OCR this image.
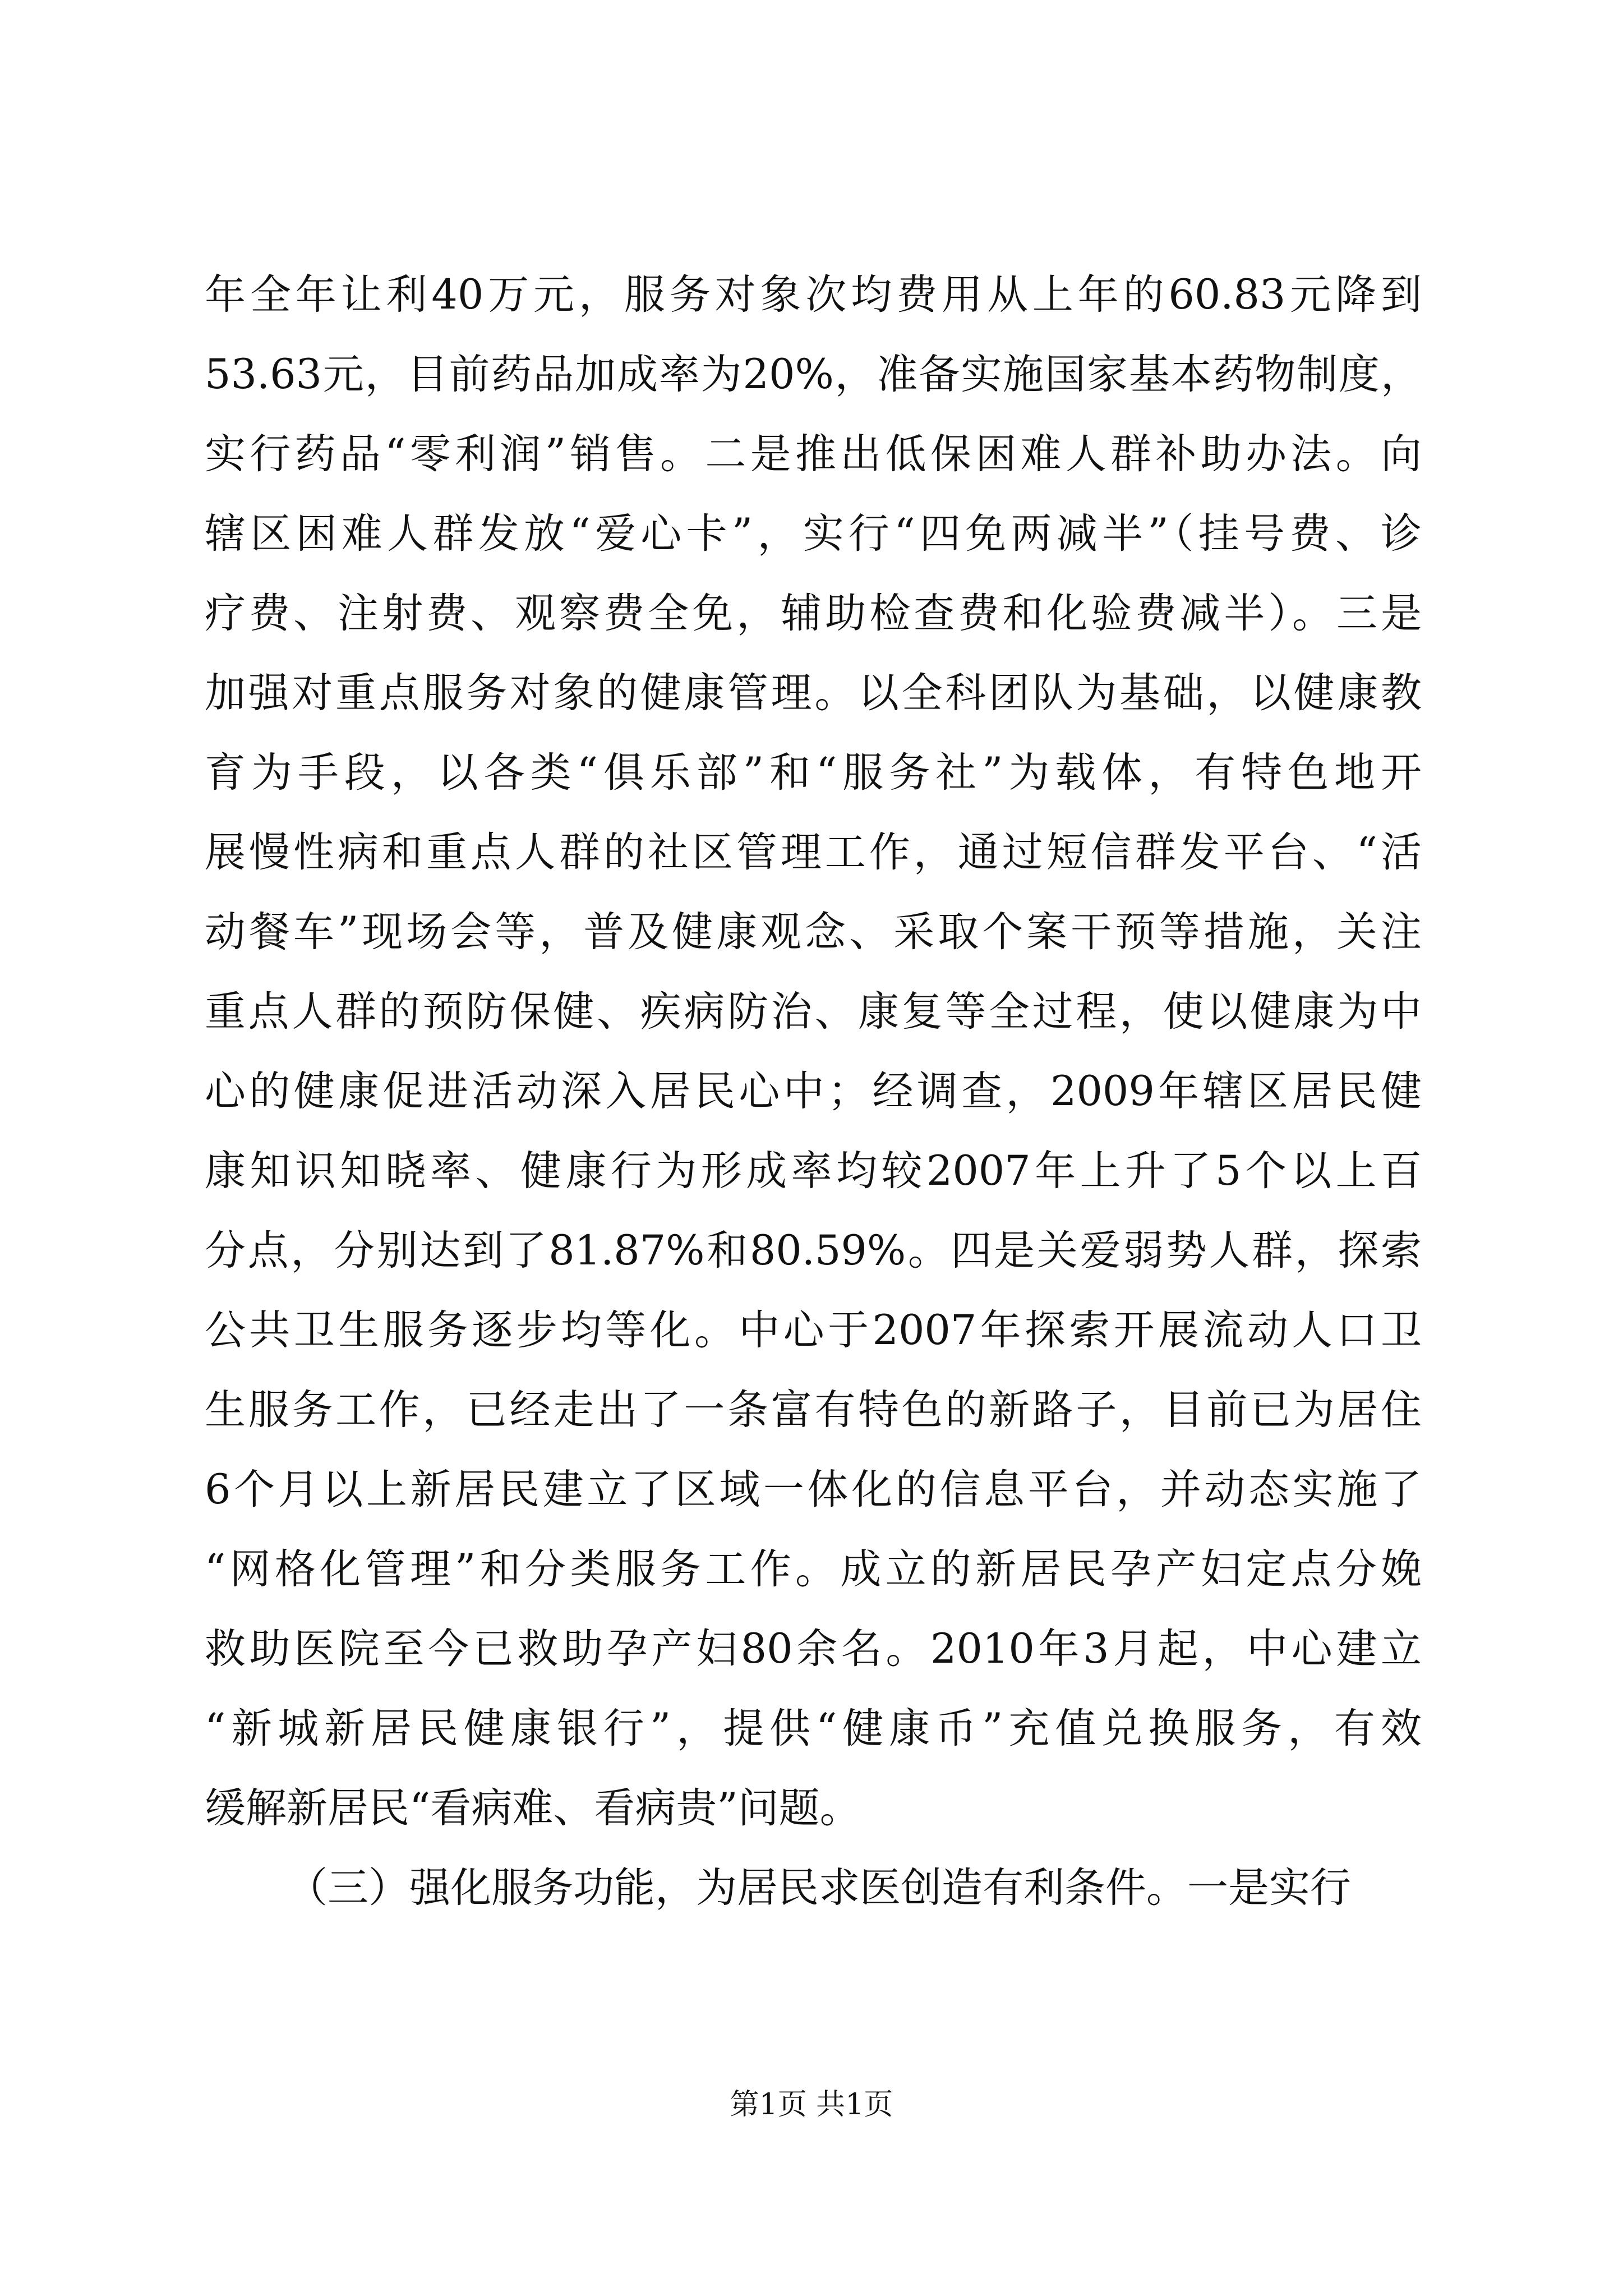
年全年让利40万元，服务对象次均费用从上年的60.83元降到
53.63元，目前药品加成率为20%，准备实施国家基本药物制度，
实行药品“零利润”销售。二是推出低保困难人群补助办法。向
辖区困难人群发放“爱心卡”，实行“四免两减半”（挂号费、诊
疗费、注射费、观察费全免，辅助检查费和化验费减半）。三是
加强对重点服务对象的健康管理。以全科团队为基础，以健康教
育为手段，以各类“俱乐部”和“服务社”为载体，有特色地开
展慢性病和重点人群的社区管理工作，通过短信群发平台、“活
动餐车”现场会等，普及健康观念、采取个案干预等措施，关注
重点人群的预防保健、疾病防治、康复等全过程，使以健康为中
心的健康促进活动深入居民心中；经调查，2009年辖区居民健
康知识知晓率、健康行为形成率均较2007年上升了5个以上百
分点，分别达到了81.87%和80.59%。四是关爱弱势人群，探索
公共卫生服务逐步均等化。中心于2007年探索开展流动人口卫
生服务工作，已经走出了一条富有特色的新路子，目前已为居住
6个月以上新居民建立了区域一体化的信息平台，并动态实施了
“网格化管理”和分类服务工作。成立的新居民孕产妇定点分娩
救助医院至今已救助孕产妇80余名。2010年3月起，中心建立
“新城新居民健康银行”，提供“健康币”充值兑换服务，有效
缓解新居民“看病难、看病贵”问题。
（三）强化服务功能，为居民求医创造有利条件。一是实行
第1页 共1页
